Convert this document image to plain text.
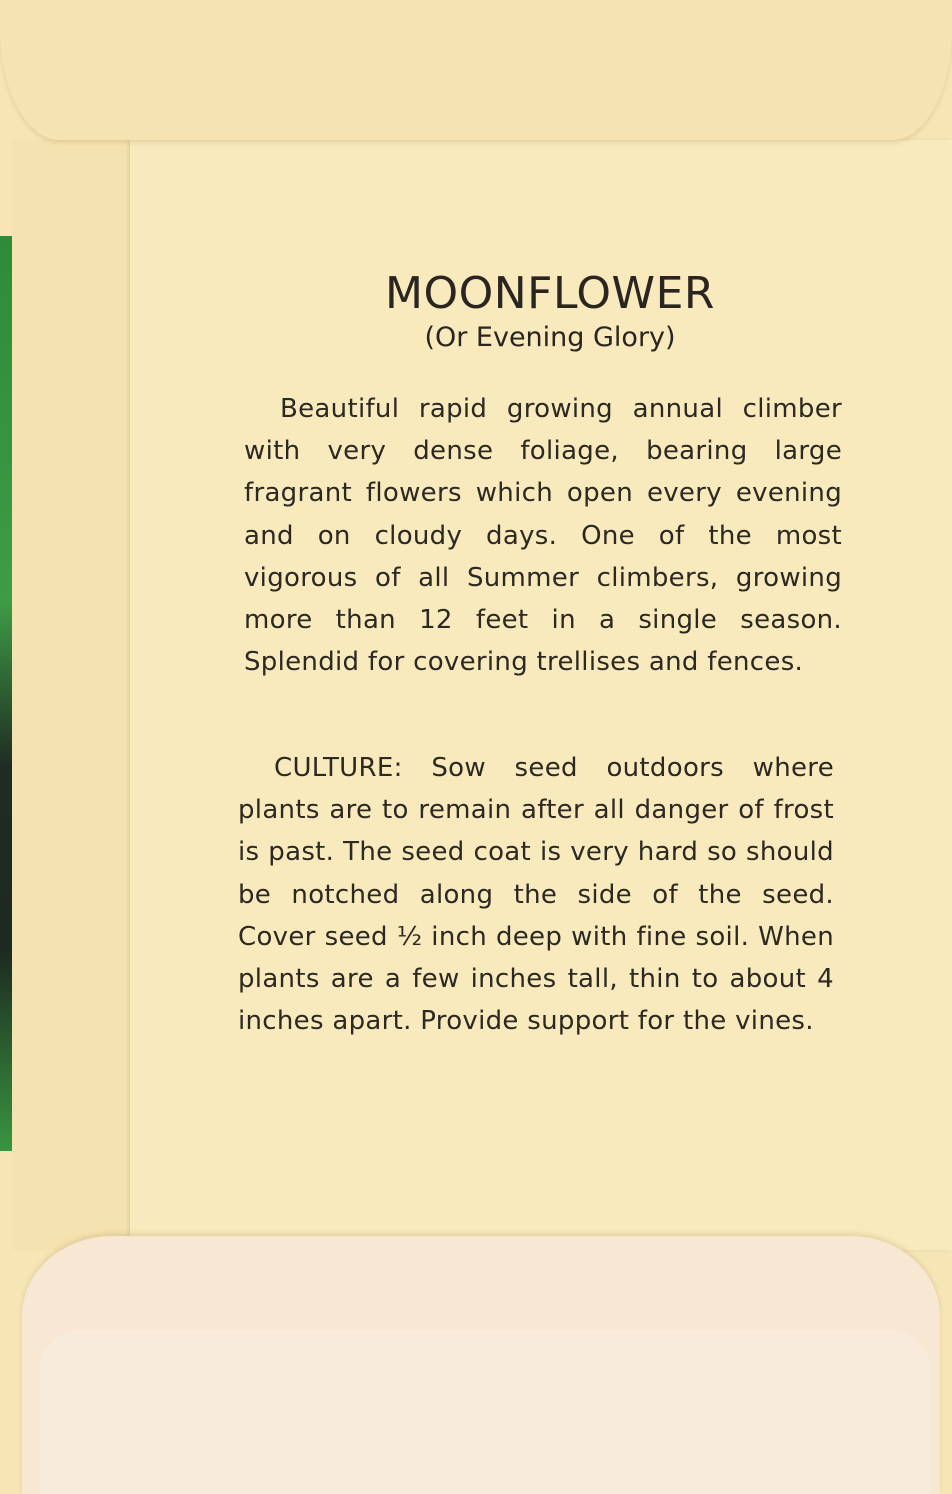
MOONFLOWER

(Or Evening Glory)

Beautiful rapid growing annual climber with very dense foliage, bearing large fragrant flowers which open every evening and on cloudy days. One of the most vigorous of all Summer climbers, growing more than 12 feet in a single season. Splendid for covering trellises and fences.

CULTURE: Sow seed outdoors where plants are to remain after all danger of frost is past. The seed coat is very hard so should be notched along the side of the seed. Cover seed ½ inch deep with fine soil. When plants are a few inches tall, thin to about 4 inches apart. Provide support for the vines.
